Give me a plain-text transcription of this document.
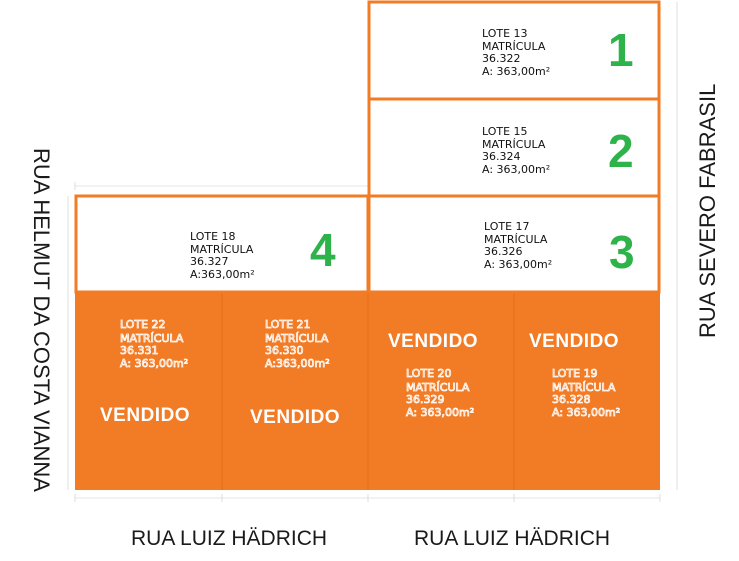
LOTE 13
MATRÍCULA
36.322
A: 363,00m² 1
LOTE 15
MATRÍCULA
36.324
A: 363,00m² 2
LOTE 17
MATRÍCULA
36.326
A: 363,00m² 3
LOTE 18
MATRÍCULA
36.327
A:363,00m² 4
LOTE 22
MATRÍCULA
36.331
A: 363,00m²
VENDIDO
LOTE 21
MATRÍCULA
36.330
A:363,00m²
VENDIDO
VENDIDO
LOTE 20
MATRÍCULA
36.329
A: 363,00m²
VENDIDO
LOTE 19
MATRÍCULA
36.328
A: 363,00m²
RUA HELMUT DA COSTA VIANNA	RUA SEVERO FABRASIL
RUA LUIZ HÄDRICH	RUA LUIZ HÄDRICH
